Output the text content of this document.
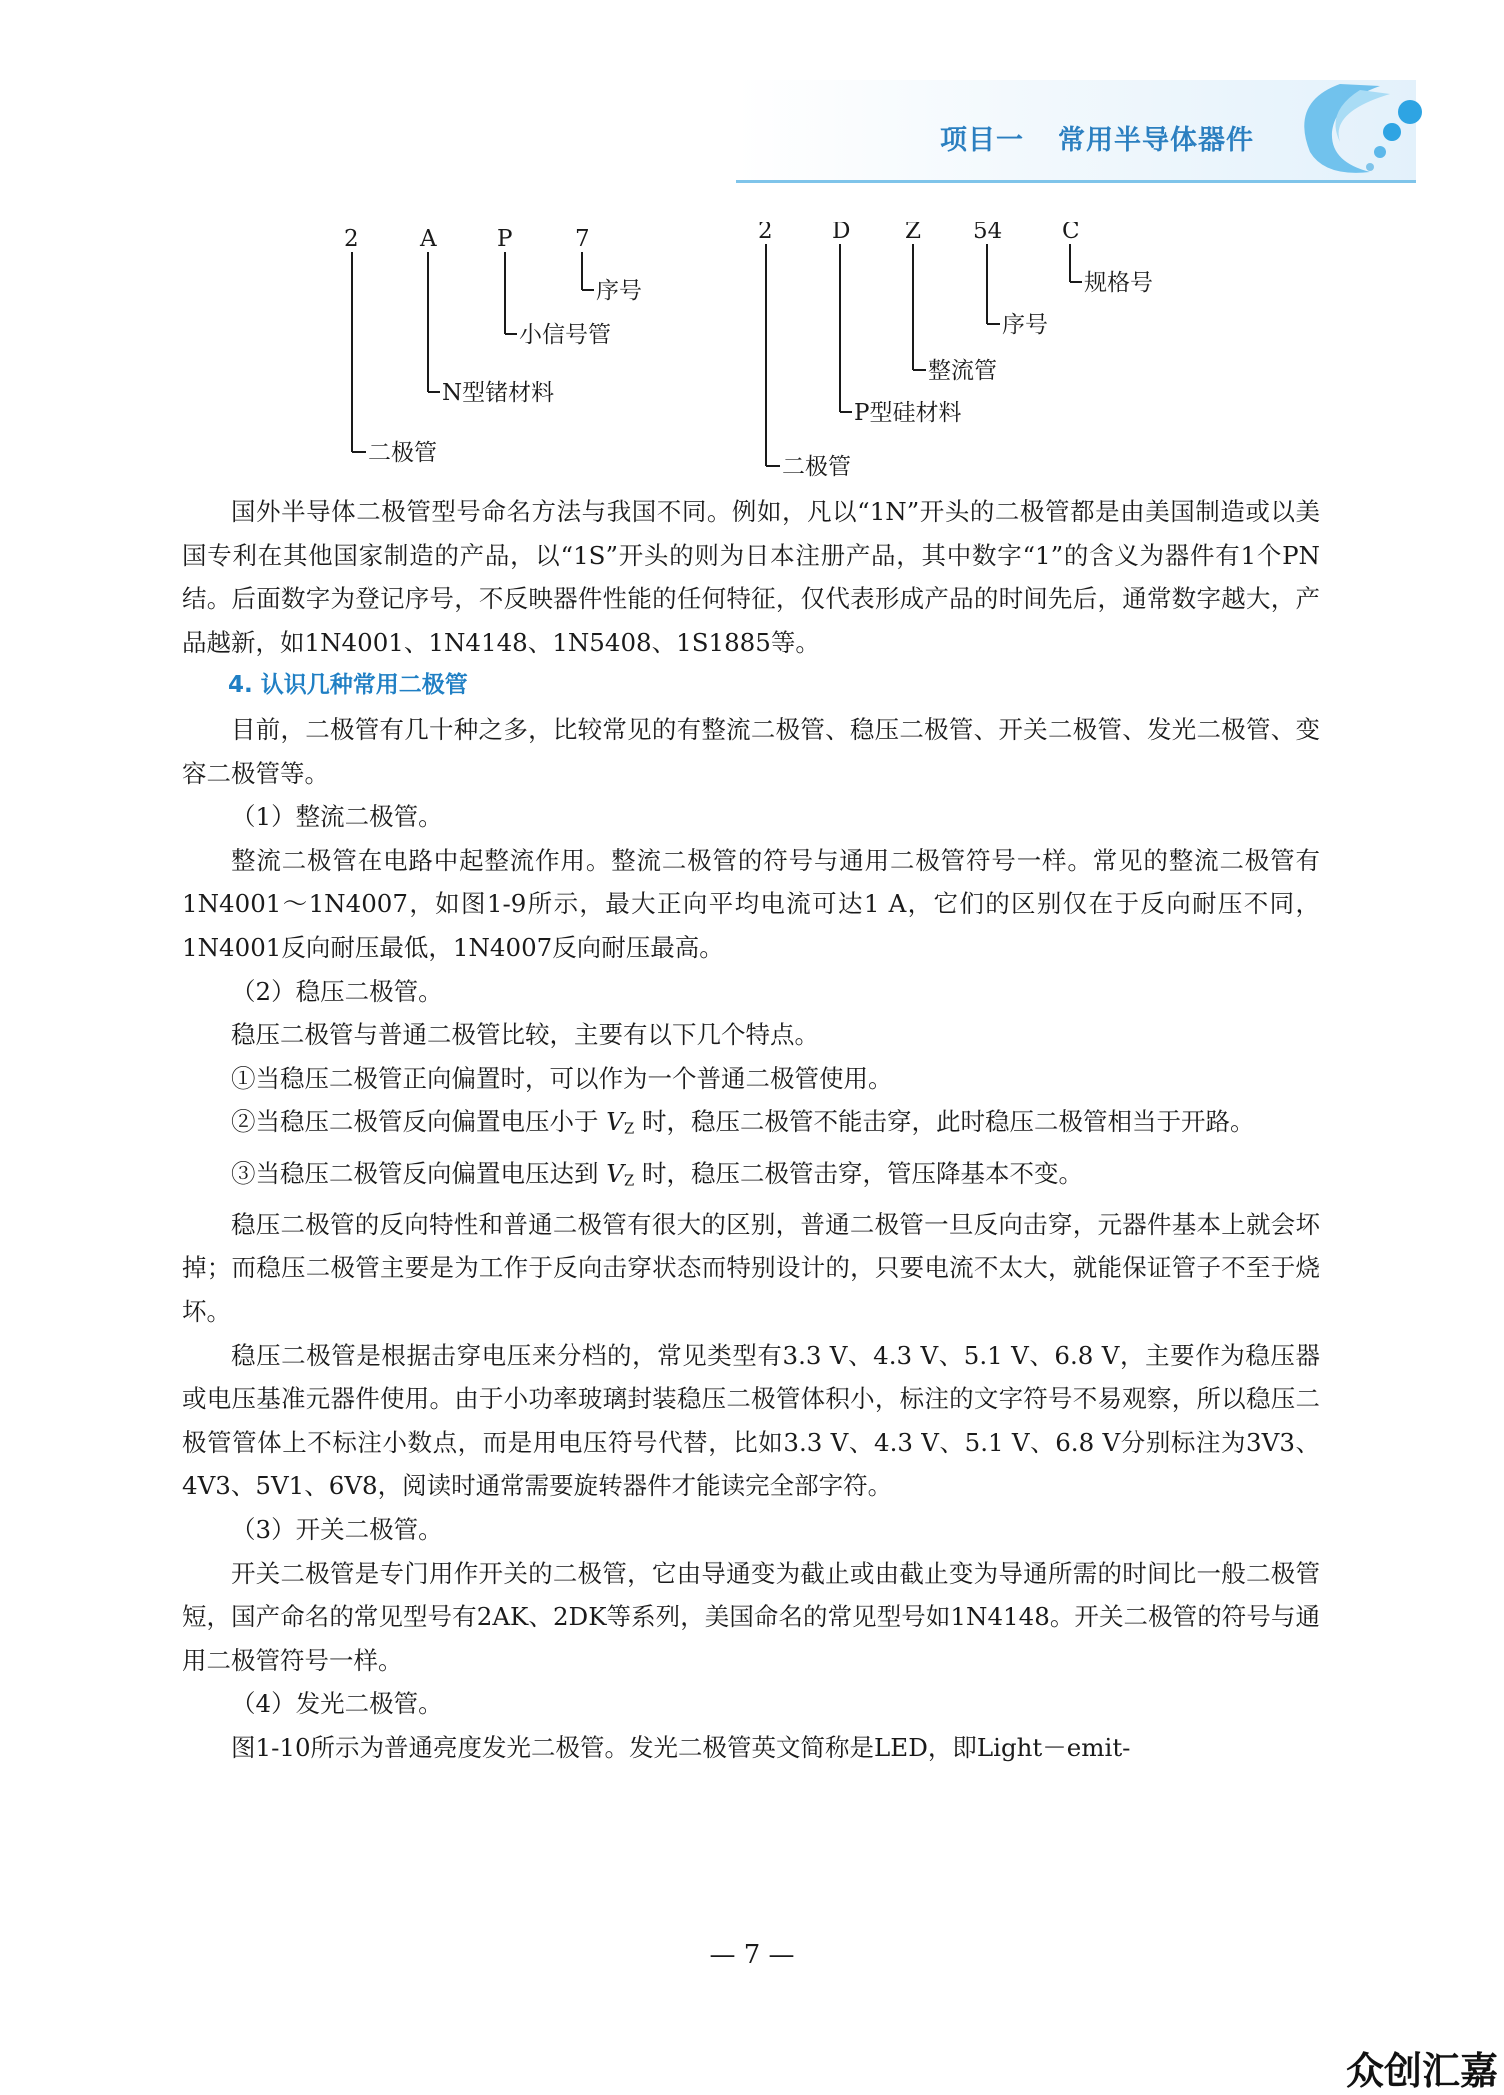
项目一 常用半导体器件
2	A	P	7
序号
小信号管
N型锗材料
二极管
2	D Z 54	C
规格号
序号
整流管
P型硅材料
二极管

国外半导体二极管型号命名方法与我国不同。例如，凡以“1N”开头的二极管都是由美国制造或以美国专利在其他国家制造的产品，以“1S”开头的则为日本注册产品，其中数字“1”的含义为器件有1个PN结。后面数字为登记序号，不反映器件性能的任何特征，仅代表形成产品的时间先后，通常数字越大，产品越新，如1N4001、1N4148、1N5408、1S1885等。

4. 认识几种常用二极管

目前，二极管有几十种之多，比较常见的有整流二极管、稳压二极管、开关二极管、发光二极管、变容二极管等。

（1）整流二极管。

整流二极管在电路中起整流作用。整流二极管的符号与通用二极管符号一样。常见的整流二极管有1N4001～1N4007，如图1-9所示，最大正向平均电流可达1 A，它们的区别仅在于反向耐压不同，1N4001反向耐压最低，1N4007反向耐压最高。

（2）稳压二极管。

稳压二极管与普通二极管比较，主要有以下几个特点。

①当稳压二极管正向偏置时，可以作为一个普通二极管使用。

②当稳压二极管反向偏置电压小于 $V_Z$ 时，稳压二极管不能击穿，此时稳压二极管相当于开路。

③当稳压二极管反向偏置电压达到 $V_Z$ 时，稳压二极管击穿，管压降基本不变。

稳压二极管的反向特性和普通二极管有很大的区别，普通二极管一旦反向击穿，元器件基本上就会坏掉；而稳压二极管主要是为工作于反向击穿状态而特别设计的，只要电流不太大，就能保证管子不至于烧坏。

稳压二极管是根据击穿电压来分档的，常见类型有3.3 V、4.3 V、5.1 V、6.8 V，主要作为稳压器或电压基准元器件使用。由于小功率玻璃封装稳压二极管体积小，标注的文字符号不易观察，所以稳压二极管管体上不标注小数点，而是用电压符号代替，比如3.3 V、4.3 V、5.1 V、6.8 V分别标注为3V3、4V3、5V1、6V8，阅读时通常需要旋转器件才能读完全部字符。

（3）开关二极管。

开关二极管是专门用作开关的二极管，它由导通变为截止或由截止变为导通所需的时间比一般二极管短，国产命名的常见型号有2AK、2DK等系列，美国命名的常见型号如1N4148。开关二极管的符号与通用二极管符号一样。

（4）发光二极管。

图1-10所示为普通亮度发光二极管。发光二极管英文简称是LED，即Light－emit-

— 7 —
众创汇嘉
